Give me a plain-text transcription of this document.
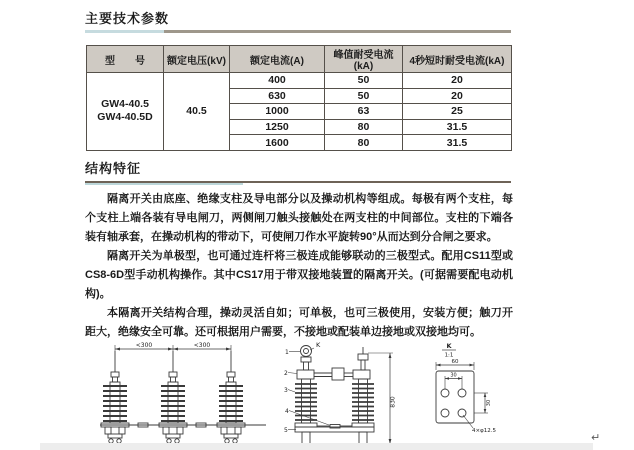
主要技术参数
型　　号	额定电压(kV)	额定电流(A)	峰值耐受电流(kA)	4秒短时耐受电流(kA)

GW4-40.5
GW4-40.5D	40.5	400	50	20
		630	50	20
		1000	63	25
		1250	80	31.5
		1600	80	31.5
结构特征

隔离开关由底座、绝缘支柱及导电部分以及操动机构等组成。每极有两个支柱，每个支柱上端各装有导电闸刀，两侧闸刀触头接触处在两支柱的中间部位。支柱的下端各装有轴承套，在操动机构的带动下，可使闸刀作水平旋转90°从而达到分合闸之要求。

隔离开关为单极型，也可通过连杆将三极连成能够联动的三极型式。配用CS11型或CS8-6D型手动机构操作。其中CS17用于带双接地装置的隔离开关。(可据需要配电动机构)。

本隔离开关结构合理，操动灵活自如；可单极，也可三极使用，安装方便；触刀开距大，绝缘安全可靠。还可根据用户需要，不接地或配装单边接地或双接地均可。

<300	<300	K
1
2
3
4
5
830
K
1:1
60
30
30
4×φ12.5
↵
